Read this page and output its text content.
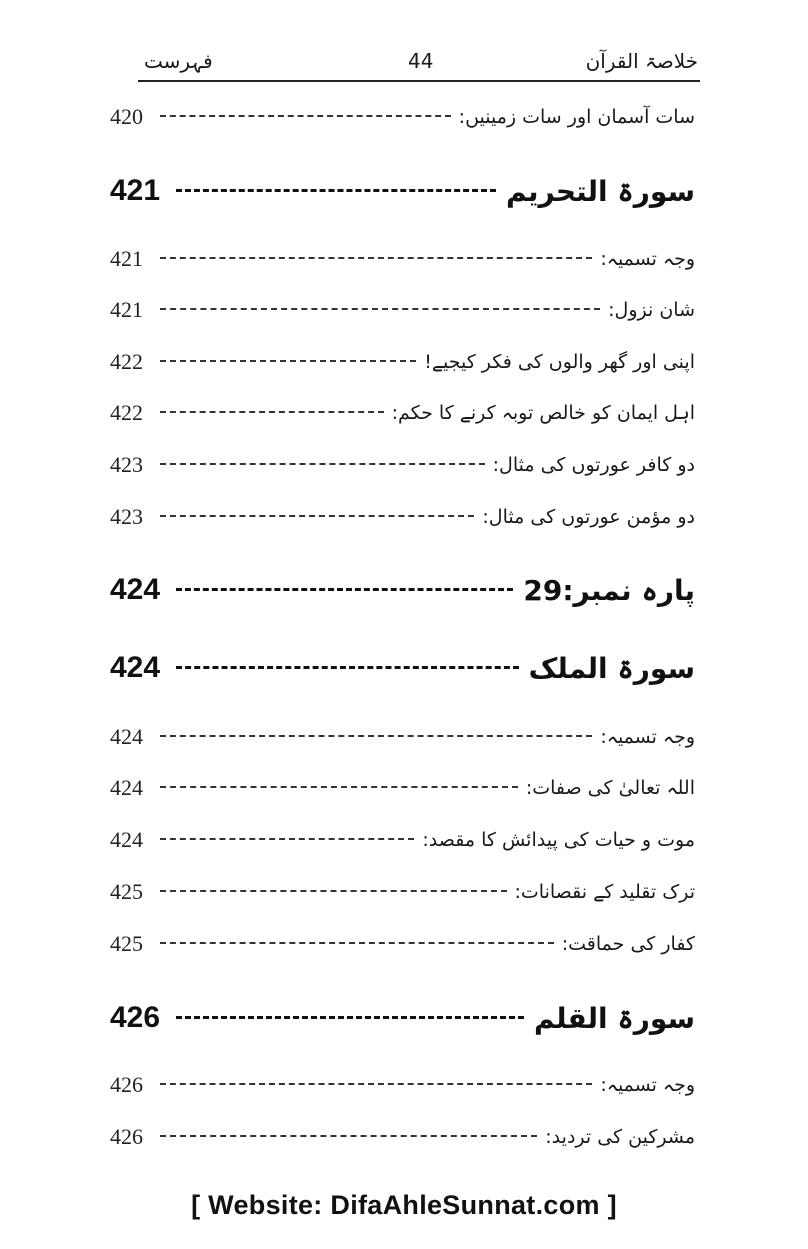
خلاصۃ القرآن
44
فہرست
420	سات آسمان اور سات زمینیں:
421	سورۃ التحریم
421	وجہ تسمیہ:
421	شان نزول:
422	اپنی اور گھر والوں کی فکر کیجیے!
422	اہل ایمان کو خالص توبہ کرنے کا حکم:
423	دو کافر عورتوں کی مثال:
423	دو مؤمن عورتوں کی مثال:
424	پارہ نمبر:29
424	سورۃ الملک
424	وجہ تسمیہ:
424	اللہ تعالیٰ کی صفات:
424	موت و حیات کی پیدائش کا مقصد:
425	ترک تقلید کے نقصانات:
425	کفار کی حماقت:
426	سورۃ القلم
426	وجہ تسمیہ:
426	مشرکین کی تردید:
[ Website: DifaAhleSunnat.com ]
